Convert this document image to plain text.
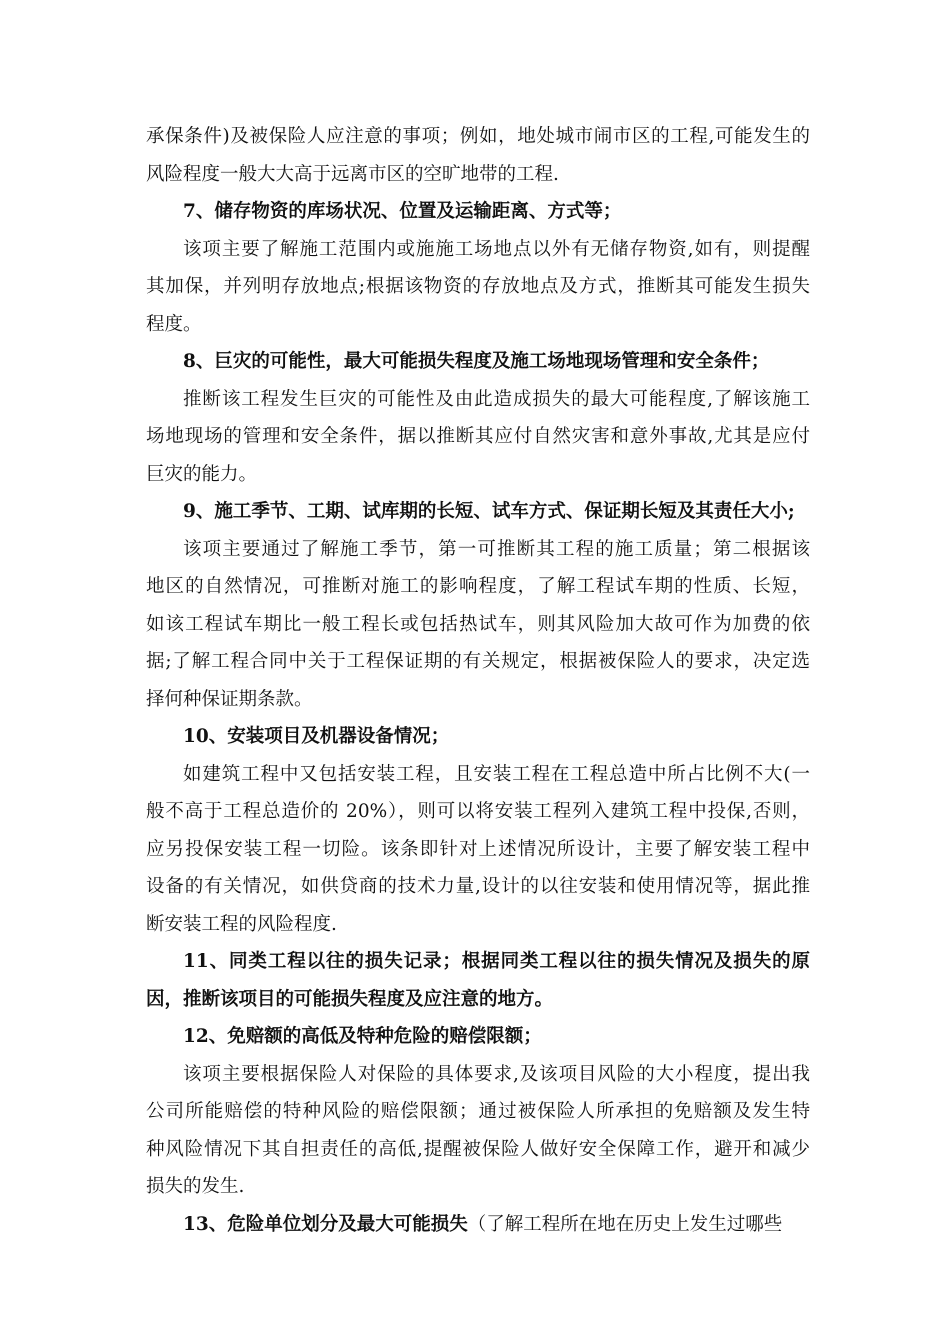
承保条件)及被保险人应注意的事项；例如，地处城市闹市区的工程,可能发生的
风险程度一般大大高于远离市区的空旷地带的工程.
7、储存物资的库场状况、位置及运输距离、方式等；
该项主要了解施工范围内或施施工场地点以外有无储存物资,如有，则提醒
其加保，并列明存放地点;根据该物资的存放地点及方式，推断其可能发生损失
程度。
8、巨灾的可能性，最大可能损失程度及施工场地现场管理和安全条件；
推断该工程发生巨灾的可能性及由此造成损失的最大可能程度,了解该施工
场地现场的管理和安全条件，据以推断其应付自然灾害和意外事故,尤其是应付
巨灾的能力。
9、施工季节、工期、试库期的长短、试车方式、保证期长短及其责任大小;
该项主要通过了解施工季节，第一可推断其工程的施工质量；第二根据该
地区的自然情况，可推断对施工的影响程度，了解工程试车期的性质、长短，
如该工程试车期比一般工程长或包括热试车，则其风险加大故可作为加费的依
据;了解工程合同中关于工程保证期的有关规定，根据被保险人的要求，决定选
择何种保证期条款。
10、安装项目及机器设备情况；
如建筑工程中又包括安装工程，且安装工程在工程总造中所占比例不大(一
般不高于工程总造价的 20%），则可以将安装工程列入建筑工程中投保,否则，
应另投保安装工程一切险。该条即针对上述情况所设计，主要了解安装工程中
设备的有关情况，如供贷商的技术力量,设计的以往安装和使用情况等，据此推
断安装工程的风险程度.
11、同类工程以往的损失记录；根据同类工程以往的损失情况及损失的原
因，推断该项目的可能损失程度及应注意的地方。
12、免赔额的高低及特种危险的赔偿限额；
该项主要根据保险人对保险的具体要求,及该项目风险的大小程度，提出我
公司所能赔偿的特种风险的赔偿限额；通过被保险人所承担的免赔额及发生特
种风险情况下其自担责任的高低,提醒被保险人做好安全保障工作，避开和减少
损失的发生.
13、危险单位划分及最大可能损失（了解工程所在地在历史上发生过哪些
